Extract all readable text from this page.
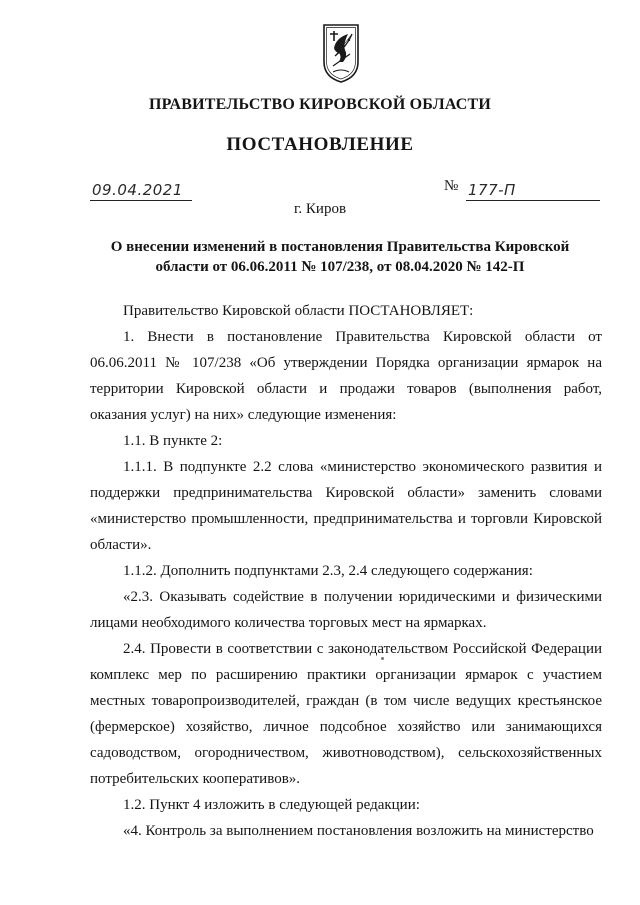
ПРАВИТЕЛЬСТВО КИРОВСКОЙ ОБЛАСТИ
ПОСТАНОВЛЕНИЕ
09.04.2021	№ 177-П
г. Киров
О внесении изменений в постановления Правительства Кировской
области от 06.06.2011 № 107/238, от 08.04.2020 № 142-П

Правительство Кировской области ПОСТАНОВЛЯЕТ:

1. Внести в постановление Правительства Кировской области от 06.06.2011 № 107/238 «Об утверждении Порядка организации ярмарок на территории Кировской области и продажи товаров (выполнения работ, оказания услуг) на них» следующие изменения:

1.1. В пункте 2:

1.1.1. В подпункте 2.2 слова «министерство экономического развития и поддержки предпринимательства Кировской области» заменить словами «министерство промышленности, предпринимательства и торговли Кировской области».

1.1.2. Дополнить подпунктами 2.3, 2.4 следующего содержания:

«2.3. Оказывать содействие в получении юридическими и физическими лицами необходимого количества торговых мест на ярмарках.

2.4. Провести в соответствии с законодательством Российской Федерации комплекс мер по расширению практики организации ярмарок с участием местных товаропроизводителей, граждан (в том числе ведущих крестьянское (фермерское) хозяйство, личное подсобное хозяйство или занимающихся садоводством, огородничеством, животноводством), сельскохозяйственных потребительских кооперативов».

1.2. Пункт 4 изложить в следующей редакции:

«4. Контроль за выполнением постановления возложить на министерство
